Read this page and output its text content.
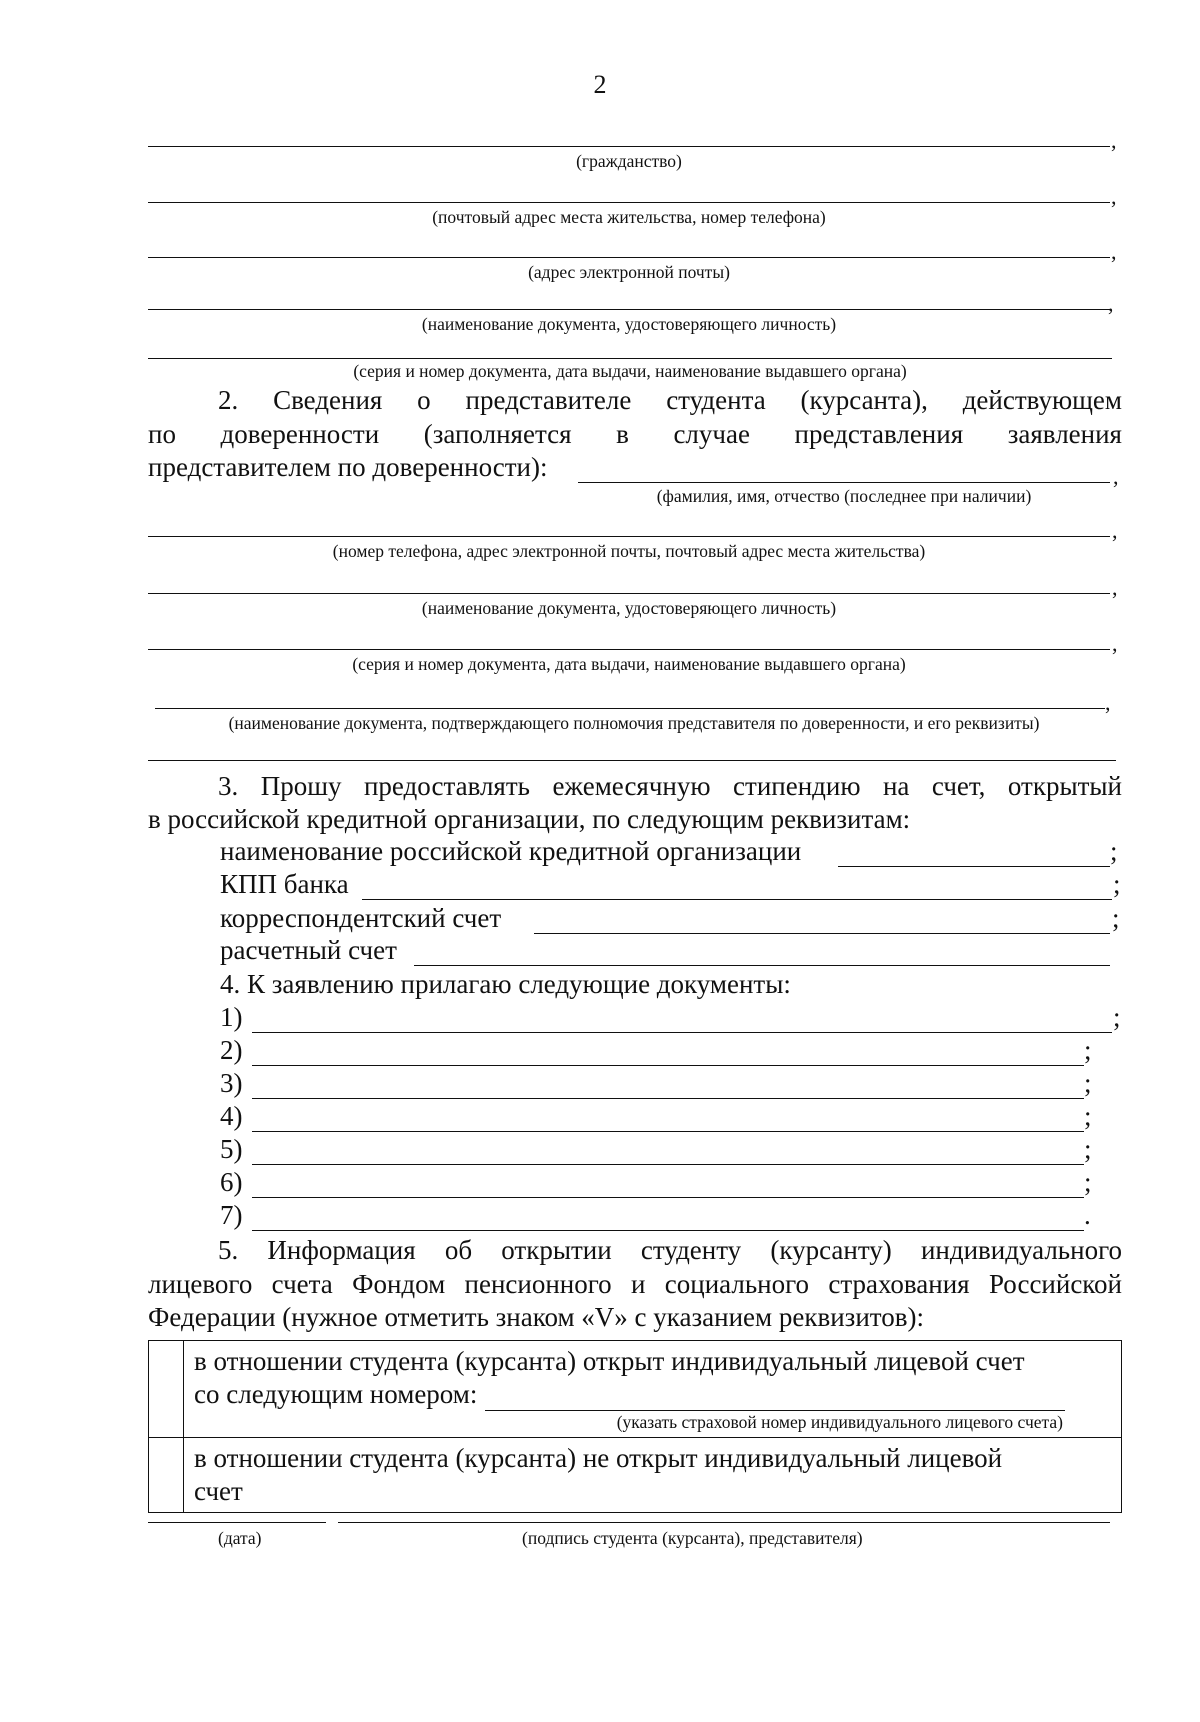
2
,
(гражданство)
,
(почтовый адрес места жительства, номер телефона)
,
(адрес электронной почты)
,
(наименование документа, удостоверяющего личность)
(серия и номер документа, дата выдачи, наименование выдавшего органа)
2. Сведения о представителе студента (курсанта), действующем
по доверенности (заполняется в случае представления заявления
представителем по доверенности):	,
(фамилия, имя, отчество (последнее при наличии)
,
(номер телефона, адрес электронной почты, почтовый адрес места жительства)
,
(наименование документа, удостоверяющего личность)
,
(серия и номер документа, дата выдачи, наименование выдавшего органа)
,
(наименование документа, подтверждающего полномочия представителя по доверенности, и его реквизиты)
3. Прошу предоставлять ежемесячную стипендию на счет, открытый
в российской кредитной организации, по следующим реквизитам:
наименование российской кредитной организации	;
КПП банка	;
корреспондентский счет	;
расчетный счет
4. К заявлению прилагаю следующие документы:
1)	;
2)	;
3)	;
4)	;
5)	;
6)	;
7)	.
5. Информация об открытии студенту (курсанту) индивидуального
лицевого счета Фондом пенсионного и социального страхования Российской
Федерации (нужное отметить знаком «V» с указанием реквизитов):

	в отношении студента (курсанта) открыт индивидуальный лицевой счет
со следующим номером:
(указать страховой номер индивидуального лицевого счета)

	в отношении студента (курсанта) не открыт индивидуальный лицевой
счет
(дата)	(подпись студента (курсанта), представителя)
